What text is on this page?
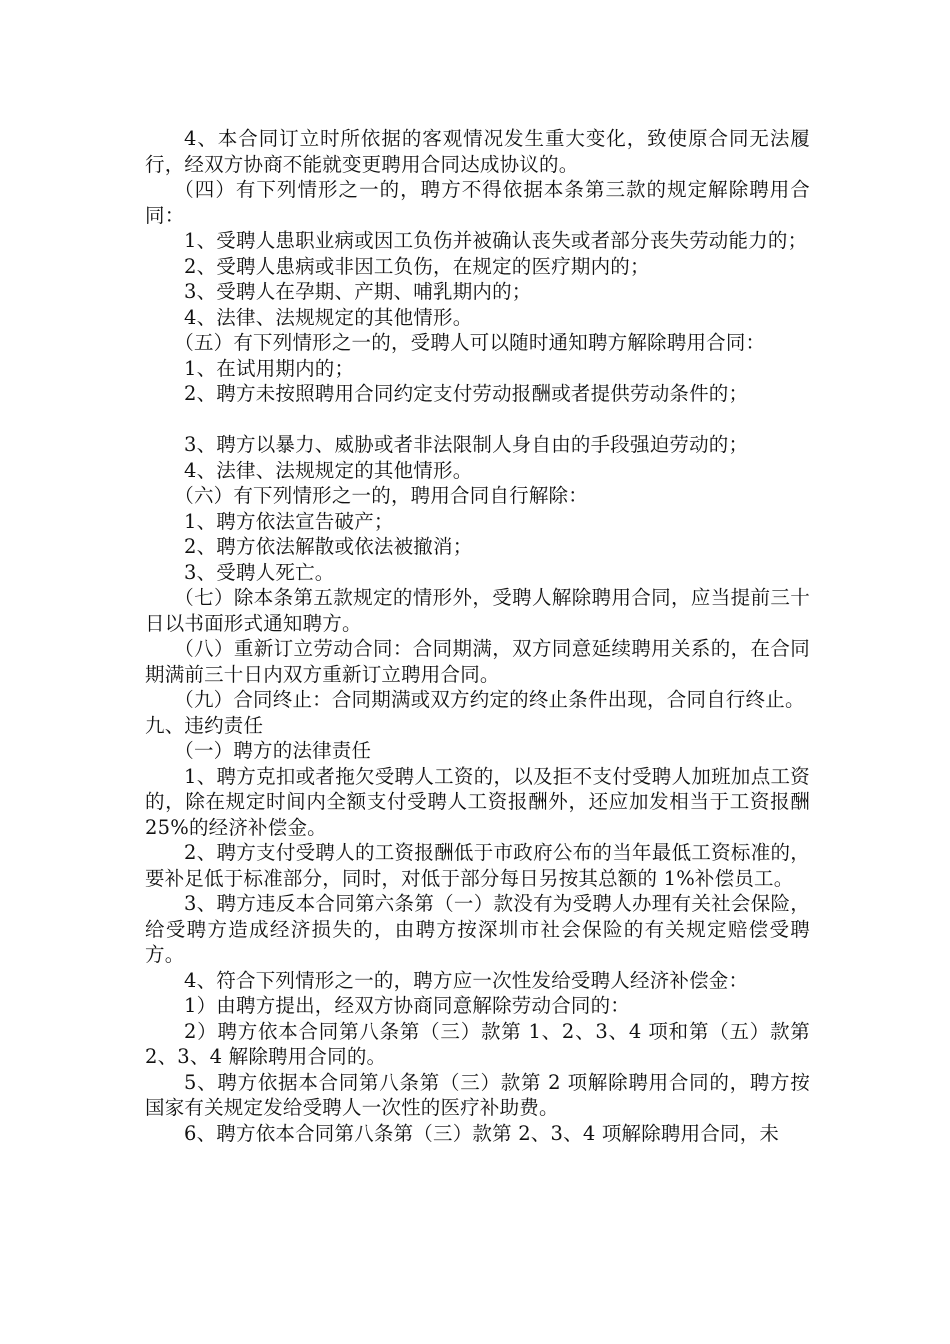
4、本合同订立时所依据的客观情况发生重大变化，致使原合同无法履行，经双方协商不能就变更聘用合同达成协议的。

（四）有下列情形之一的，聘方不得依据本条第三款的规定解除聘用合同：

1、受聘人患职业病或因工负伤并被确认丧失或者部分丧失劳动能力的；

2、受聘人患病或非因工负伤，在规定的医疗期内的；

3、受聘人在孕期、产期、哺乳期内的；

4、法律、法规规定的其他情形。

（五）有下列情形之一的，受聘人可以随时通知聘方解除聘用合同：

1、在试用期内的；

2、聘方未按照聘用合同约定支付劳动报酬或者提供劳动条件的；

3、聘方以暴力、威胁或者非法限制人身自由的手段强迫劳动的；

4、法律、法规规定的其他情形。

（六）有下列情形之一的，聘用合同自行解除：

1、聘方依法宣告破产；

2、聘方依法解散或依法被撤消；

3、受聘人死亡。

（七）除本条第五款规定的情形外，受聘人解除聘用合同，应当提前三十日以书面形式通知聘方。

（八）重新订立劳动合同：合同期满，双方同意延续聘用关系的，在合同期满前三十日内双方重新订立聘用合同。

（九）合同终止：合同期满或双方约定的终止条件出现，合同自行终止。

九、违约责任

（一）聘方的法律责任

1、聘方克扣或者拖欠受聘人工资的，以及拒不支付受聘人加班加点工资的，除在规定时间内全额支付受聘人工资报酬外，还应加发相当于工资报酬 25%的经济补偿金。

2、聘方支付受聘人的工资报酬低于市政府公布的当年最低工资标准的，要补足低于标准部分，同时，对低于部分每日另按其总额的 1%补偿员工。

3、聘方违反本合同第六条第（一）款没有为受聘人办理有关社会保险，给受聘方造成经济损失的，由聘方按深圳市社会保险的有关规定赔偿受聘方。

4、符合下列情形之一的，聘方应一次性发给受聘人经济补偿金：

1）由聘方提出，经双方协商同意解除劳动合同的：

2）聘方依本合同第八条第（三）款第 1、2、3、4 项和第（五）款第 2、3、4 解除聘用合同的。

5、聘方依据本合同第八条第（三）款第 2 项解除聘用合同的，聘方按国家有关规定发给受聘人一次性的医疗补助费。

6、聘方依本合同第八条第（三）款第 2、3、4 项解除聘用合同，未
